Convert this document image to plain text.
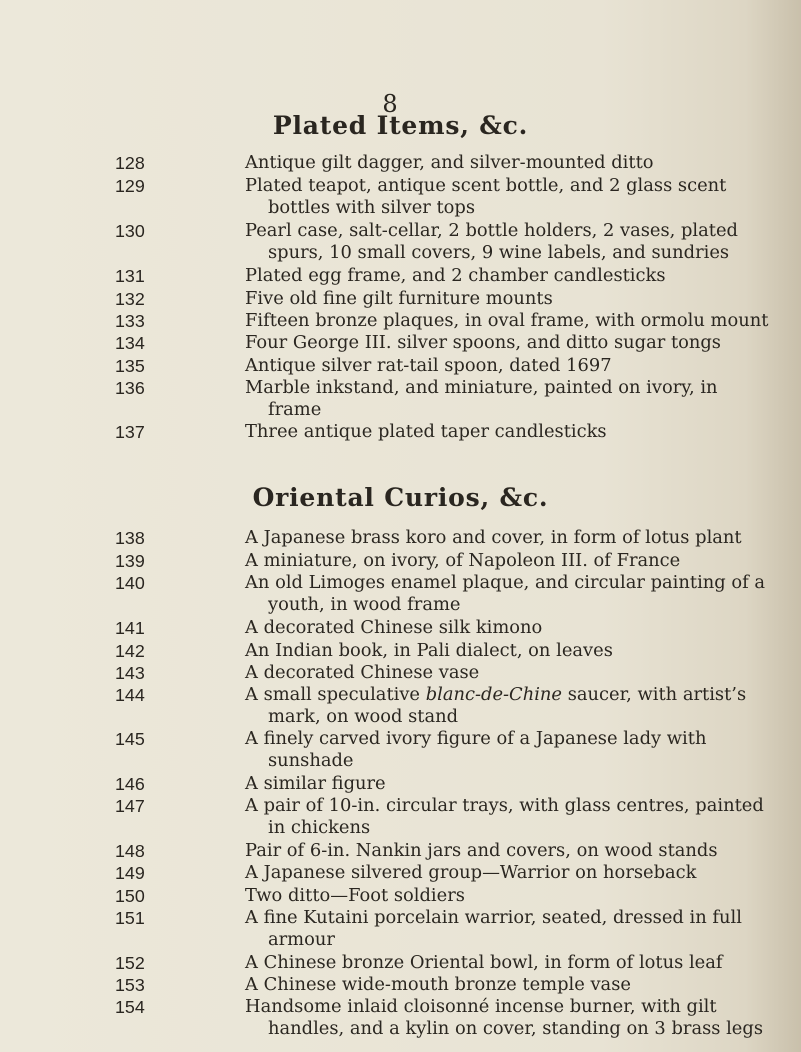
8
Plated Items, &c.
128	Antique gilt dagger, and silver-mounted ditto
129	Plated teapot, antique scent bottle, and 2 glass scent
bottles with silver tops
130	Pearl case, salt-cellar, 2 bottle holders, 2 vases, plated
spurs, 10 small covers, 9 wine labels, and sundries
131	Plated egg frame, and 2 chamber candlesticks
132	Five old fine gilt furniture mounts
133	Fifteen bronze plaques, in oval frame, with ormolu mount
134	Four George III. silver spoons, and ditto sugar tongs
135	Antique silver rat-tail spoon, dated 1697
136	Marble inkstand, and miniature, painted on ivory, in
frame
137	Three antique plated taper candlesticks
Oriental Curios, &c.
138	A Japanese brass koro and cover, in form of lotus plant
139	A miniature, on ivory, of Napoleon III. of France
140	An old Limoges enamel plaque, and circular painting of a
youth, in wood frame
141	A decorated Chinese silk kimono
142	An Indian book, in Pali dialect, on leaves
143	A decorated Chinese vase
144	A small speculative blanc-de-Chine saucer, with artist’s
mark, on wood stand
145	A finely carved ivory figure of a Japanese lady with
sunshade
146	A similar figure
147	A pair of 10-in. circular trays, with glass centres, painted
in chickens
148	Pair of 6-in. Nankin jars and covers, on wood stands
149	A Japanese silvered group—Warrior on horseback
150	Two ditto—Foot soldiers
151	A fine Kutaini porcelain warrior, seated, dressed in full
armour
152	A Chinese bronze Oriental bowl, in form of lotus leaf
153	A Chinese wide-mouth bronze temple vase
154	Handsome inlaid cloisonné incense burner, with gilt
handles, and a kylin on cover, standing on 3 brass legs
